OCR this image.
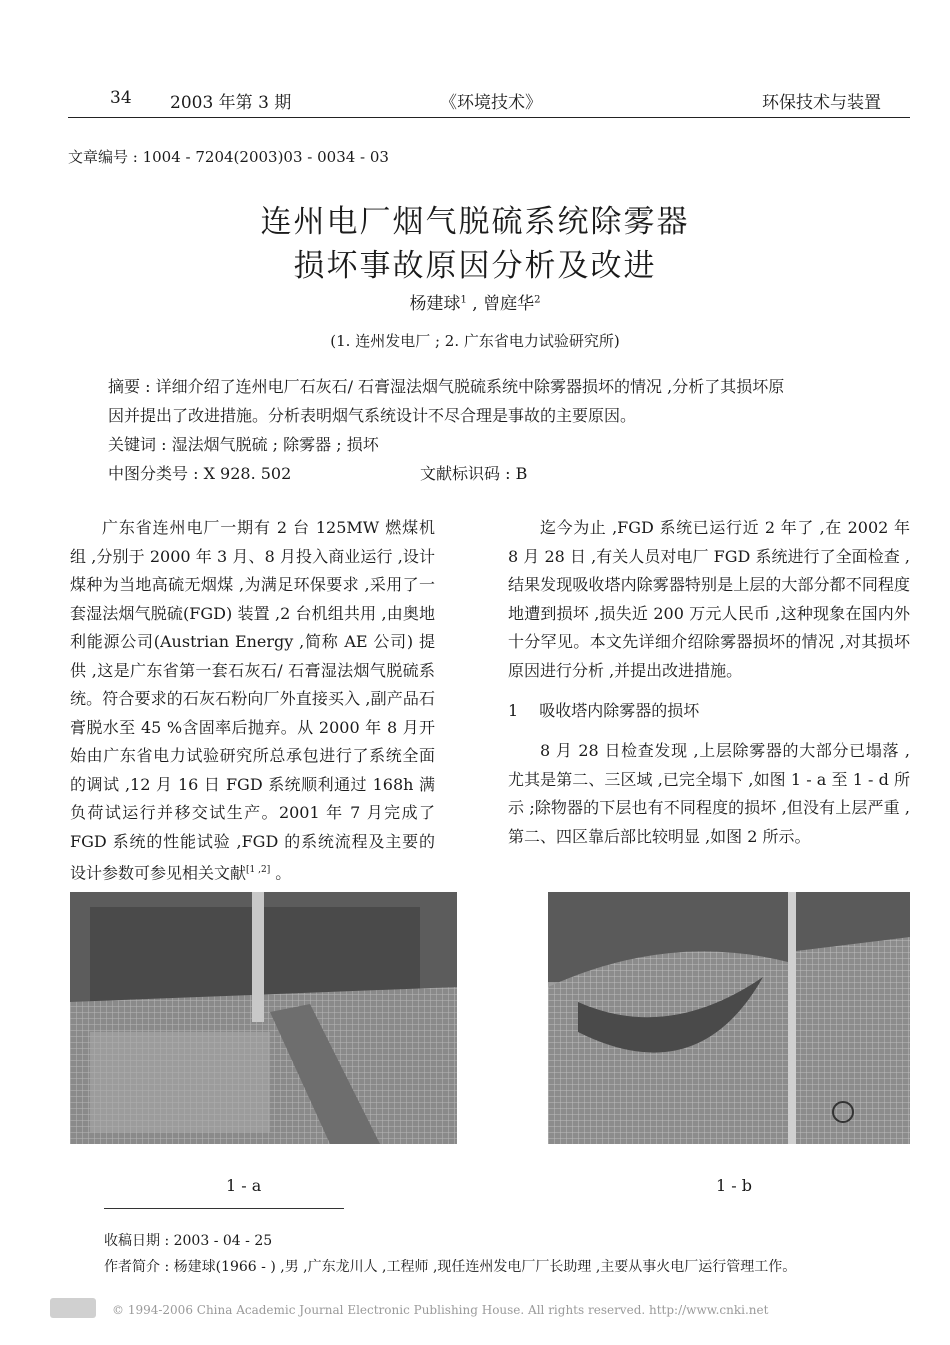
34 2003 年第 3 期	《环境技术》	环保技术与装置
文章编号 : 1004 - 7204(2003)03 - 0034 - 03
连州电厂烟气脱硫系统除雾器
损坏事故原因分析及改进
杨建球$^1$ , 曾庭华$^2$
(1. 连州发电厂 ; 2. 广东省电力试验研究所)
摘要 : 详细介绍了连州电厂石灰石/ 石膏湿法烟气脱硫系统中除雾器损坏的情况 ,分析了其损坏原
因并提出了改进措施。分析表明烟气系统设计不尽合理是事故的主要原因。
关键词 : 湿法烟气脱硫 ; 除雾器 ; 损坏
中图分类号 : X 928. 502	文献标识码 : B

广东省连州电厂一期有 2 台 125MW 燃煤机组 ,分别于 2000 年 3 月、8 月投入商业运行 ,设计煤种为当地高硫无烟煤 ,为满足环保要求 ,采用了一套湿法烟气脱硫(FGD) 装置 ,2 台机组共用 ,由奥地利能源公司(Austrian Energy ,简称 AE 公司) 提供 ,这是广东省第一套石灰石/ 石膏湿法烟气脱硫系统。符合要求的石灰石粉向厂外直接买入 ,副产品石膏脱水至 45 %含固率后抛弃。从 2000 年 8 月开始由广东省电力试验研究所总承包进行了系统全面的调试 ,12 月 16 日 FGD 系统顺利通过 168h 满负荷试运行并移交试生产。2001 年 7 月完成了 FGD 系统的性能试验 ,FGD 的系统流程及主要的设计参数可参见相关文献[1 ,2] 。

迄今为止 ,FGD 系统已运行近 2 年了 ,在 2002 年 8 月 28 日 ,有关人员对电厂 FGD 系统进行了全面检查 ,结果发现吸收塔内除雾器特别是上层的大部分都不同程度地遭到损坏 ,损失近 200 万元人民币 ,这种现象在国内外十分罕见。本文先详细介绍除雾器损坏的情况 ,对其损坏原因进行分析 ,并提出改进措施。

1 　吸收塔内除雾器的损坏

8 月 28 日检查发现 ,上层除雾器的大部分已塌落 ,尤其是第二、三区域 ,已完全塌下 ,如图 1 - a 至 1 - d 所示 ;除物器的下层也有不同程度的损坏 ,但没有上层严重 ,第二、四区靠后部比较明显 ,如图 2 所示。

1 - a	1 - b
收稿日期 : 2003 - 04 - 25
作者简介 : 杨建球(1966 - ) ,男 ,广东龙川人 ,工程师 ,现任连州发电厂厂长助理 ,主要从事火电厂运行管理工作。
© 1994-2006 China Academic Journal Electronic Publishing House. All rights reserved. http://www.cnki.net
